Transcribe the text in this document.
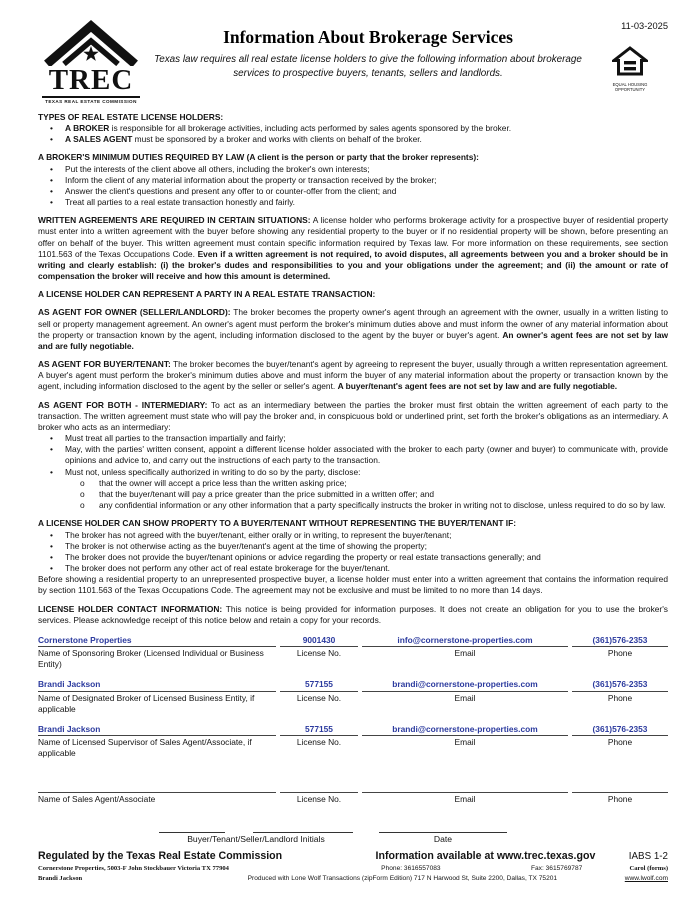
TREC
TEXAS REAL ESTATE COMMISSION
Information About Brokerage Services
Texas law requires all real estate license holders to give the following information about brokerage services to prospective buyers, tenants, sellers and landlords.
11-03-2025
EQUAL HOUSING
OPPORTUNITY

TYPES OF REAL ESTATE LICENSE HOLDERS:

•	A BROKER is responsible for all brokerage activities, including acts performed by sales agents sponsored by the broker.
•	A SALES AGENT must be sponsored by a broker and works with clients on behalf of the broker.

A BROKER'S MINIMUM DUTIES REQUIRED BY LAW (A client is the person or party that the broker represents):

•	Put the interests of the client above all others, including the broker's own interests;
•	Inform the client of any material information about the property or transaction received by the broker;
•	Answer the client's questions and present any offer to or counter-offer from the client; and
•	Treat all parties to a real estate transaction honestly and fairly.

WRITTEN AGREEMENTS ARE REQUIRED IN CERTAIN SITUATIONS: A license holder who performs brokerage activity for a prospective buyer of residential property must enter into a written agreement with the buyer before showing any residential property to the buyer or if no residential property will be shown, before presenting an offer on behalf of the buyer. This written agreement must contain specific information required by Texas law. For more information on these requirements, see section 1101.563 of the Texas Occupations Code. Even if a written agreement is not required, to avoid disputes, all agreements between you and a broker should be in writing and clearly establish: (i) the broker's dudes and responsibilities to you and your obligations under the agreement; and (ii) the amount or rate of compensation the broker will receive and how this amount is determined.

A LICENSE HOLDER CAN REPRESENT A PARTY IN A REAL ESTATE TRANSACTION:

AS AGENT FOR OWNER (SELLER/LANDLORD): The broker becomes the property owner's agent through an agreement with the owner, usually in a written listing to sell or property management agreement. An owner's agent must perform the broker's minimum duties above and must inform the owner of any material information about the property or transaction known by the agent, including information disclosed to the agent by the buyer or buyer's agent. An owner's agent fees are not set by law and are fully negotiable.

AS AGENT FOR BUYER/TENANT: The broker becomes the buyer/tenant's agent by agreeing to represent the buyer, usually through a written representation agreement. A buyer's agent must perform the broker's minimum duties above and must inform the buyer of any material information about the property or transaction known by the agent, including information disclosed to the agent by the seller or seller's agent. A buyer/tenant's agent fees are not set by law and are fully negotiable.

AS AGENT FOR BOTH - INTERMEDIARY: To act as an intermediary between the parties the broker must first obtain the written agreement of each party to the transaction. The written agreement must state who will pay the broker and, in conspicuous bold or underlined print, set forth the broker's obligations as an intermediary. A broker who acts as an intermediary:

•	Must treat all parties to the transaction impartially and fairly;
•	May, with the parties' written consent, appoint a different license holder associated with the broker to each party (owner and buyer) to communicate with, provide opinions and advice to, and carry out the instructions of each party to the transaction.
•	Must not, unless specifically authorized in writing to do so by the party, disclose:
o	that the owner will accept a price less than the written asking price;
o	that the buyer/tenant will pay a price greater than the price submitted in a written offer; and
o	any confidential information or any other information that a party specifically instructs the broker in writing not to disclose, unless required to do so by law.

A LICENSE HOLDER CAN SHOW PROPERTY TO A BUYER/TENANT WITHOUT REPRESENTING THE BUYER/TENANT IF:

•	The broker has not agreed with the buyer/tenant, either orally or in writing, to represent the buyer/tenant;
•	The broker is not otherwise acting as the buyer/tenant's agent at the time of showing the property;
•	The broker does not provide the buyer/tenant opinions or advice regarding the property or real estate transactions generally; and
•	The broker does not perform any other act of real estate brokerage for the buyer/tenant.

Before showing a residential property to an unrepresented prospective buyer, a license holder must enter into a written agreement that contains the information required by section 1101.563 of the Texas Occupations Code. The agreement may not be exclusive and must be limited to no more than 14 days.

LICENSE HOLDER CONTACT INFORMATION: This notice is being provided for information purposes. It does not create an obligation for you to use the broker's services. Please acknowledge receipt of this notice below and retain a copy for your records.

Cornerstone Properties
Name of Sponsoring Broker (Licensed Individual or Business Entity)
9001430
License No.
info@cornerstone-properties.com
Email
(361)576-2353
Phone
Brandi Jackson
Name of Designated Broker of Licensed Business Entity, if applicable
577155
License No.
brandi@cornerstone-properties.com
Email
(361)576-2353
Phone
Brandi Jackson
Name of Licensed Supervisor of Sales Agent/Associate, if applicable
577155
License No.
brandi@cornerstone-properties.com
Email
(361)576-2353
Phone
Name of Sales Agent/Associate	License No.	Email	Phone
Buyer/Tenant/Seller/Landlord Initials	Date
Regulated by the Texas Real Estate Commission	Information available at www.trec.texas.gov	IABS 1-2
Cornerstone Properties, 5003-F John Stockbauer Victoria TX 77904	Phone: 3616557083	Fax: 3615769787	Carol (forms)
Brandi Jackson	Produced with Lone Wolf Transactions (zipForm Edition) 717 N Harwood St, Suite 2200, Dallas, TX 75201	www.lwolf.com
